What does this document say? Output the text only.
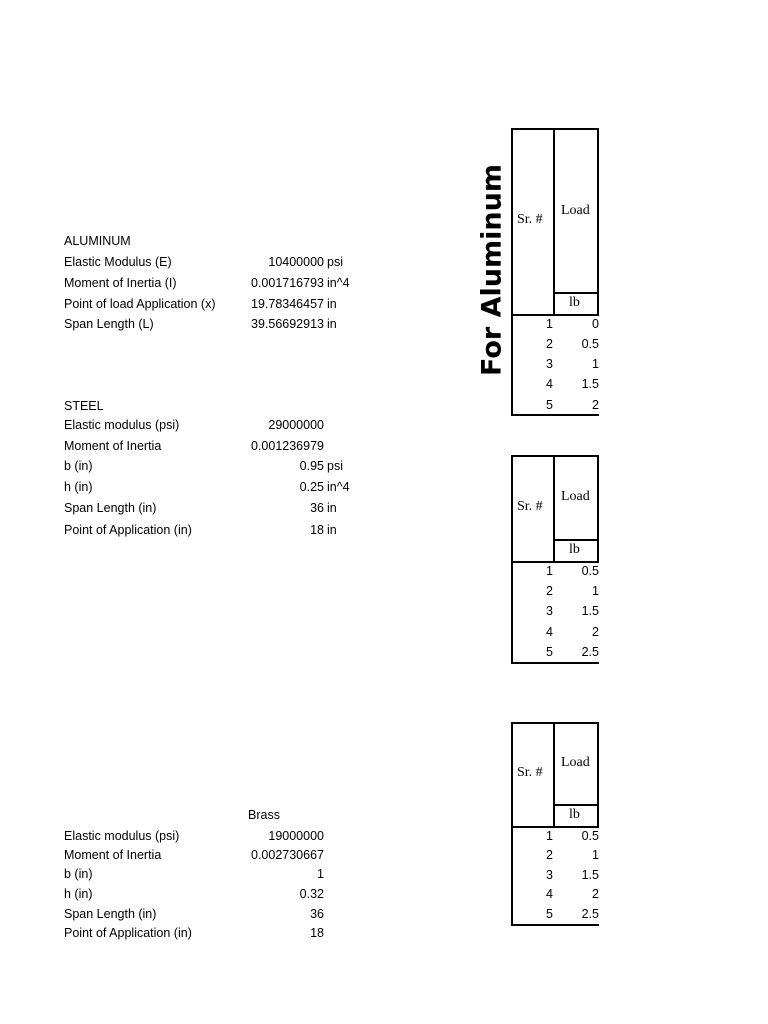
ALUMINUM
Elastic Modulus (E)	10400000 psi
Moment of Inertia (I)	0.001716793 in^4
Point of load Application (x)	19.78346457 in
Span Length (L)	39.56692913 in
STEEL
Elastic modulus (psi)	29000000
Moment of Inertia	0.001236979
b (in)	0.95 psi
h (in)	0.25 in^4
Span Length (in)	36 in
Point of Application (in)	18 in
Brass
Elastic modulus (psi)	19000000
Moment of Inertia	0.002730667
b (in)	1
h (in)	0.32
Span Length (in)	36
Point of Application (in)	18
For Aluminum Sr. #
Load
lb
1	0
2 0.5
3	1
4 1.5
5	2
Sr. #
Load
lb
1 0.5
2	1
3 1.5
4	2
5 2.5
Sr. #
Load
lb
1 0.5
2	1
3 1.5
4	2
5 2.5
